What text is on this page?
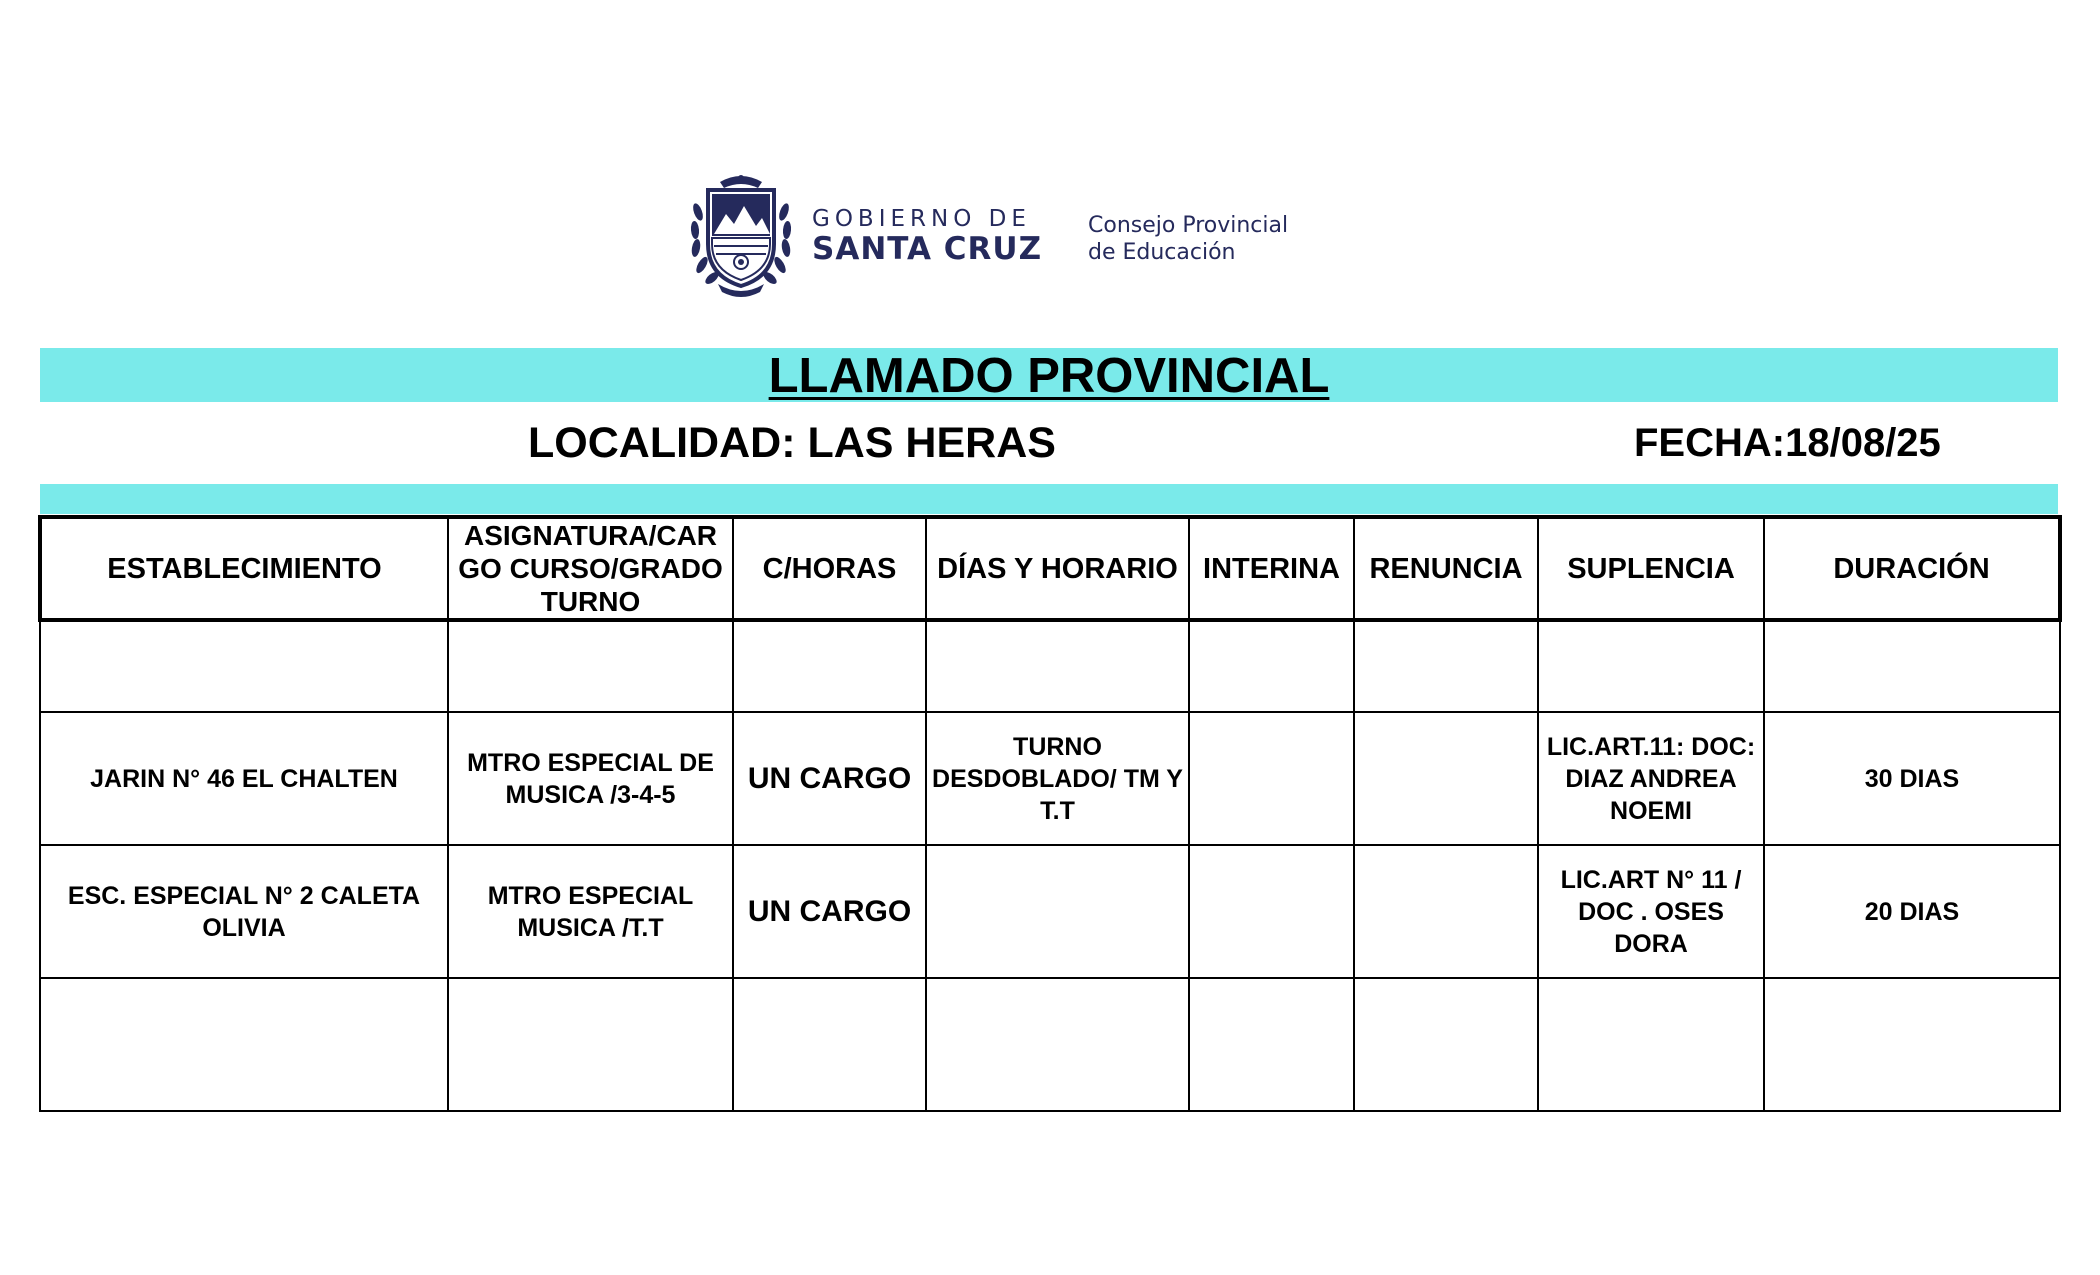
GOBIERNO DE
SANTA CRUZ
Consejo Provincial
de Educación
LLAMADO PROVINCIAL
LOCALIDAD: LAS HERAS	FECHA:18/08/25
ESTABLECIMIENTO	ASIGNATURA/CAR GO CURSO/GRADO TURNO	C/HORAS	DÍAS Y HORARIO	INTERINA	RENUNCIA	SUPLENCIA	DURACIÓN

JARIN N° 46 EL CHALTEN	MTRO ESPECIAL DE MUSICA /3-4-5	UN CARGO	TURNO DESDOBLADO/ TM Y T.T			LIC.ART.11: DOC: DIAZ ANDREA NOEMI	30 DIAS
ESC. ESPECIAL N° 2 CALETA OLIVIA	MTRO ESPECIAL MUSICA /T.T	UN CARGO				LIC.ART N° 11 / DOC . OSES DORA	20 DIAS
